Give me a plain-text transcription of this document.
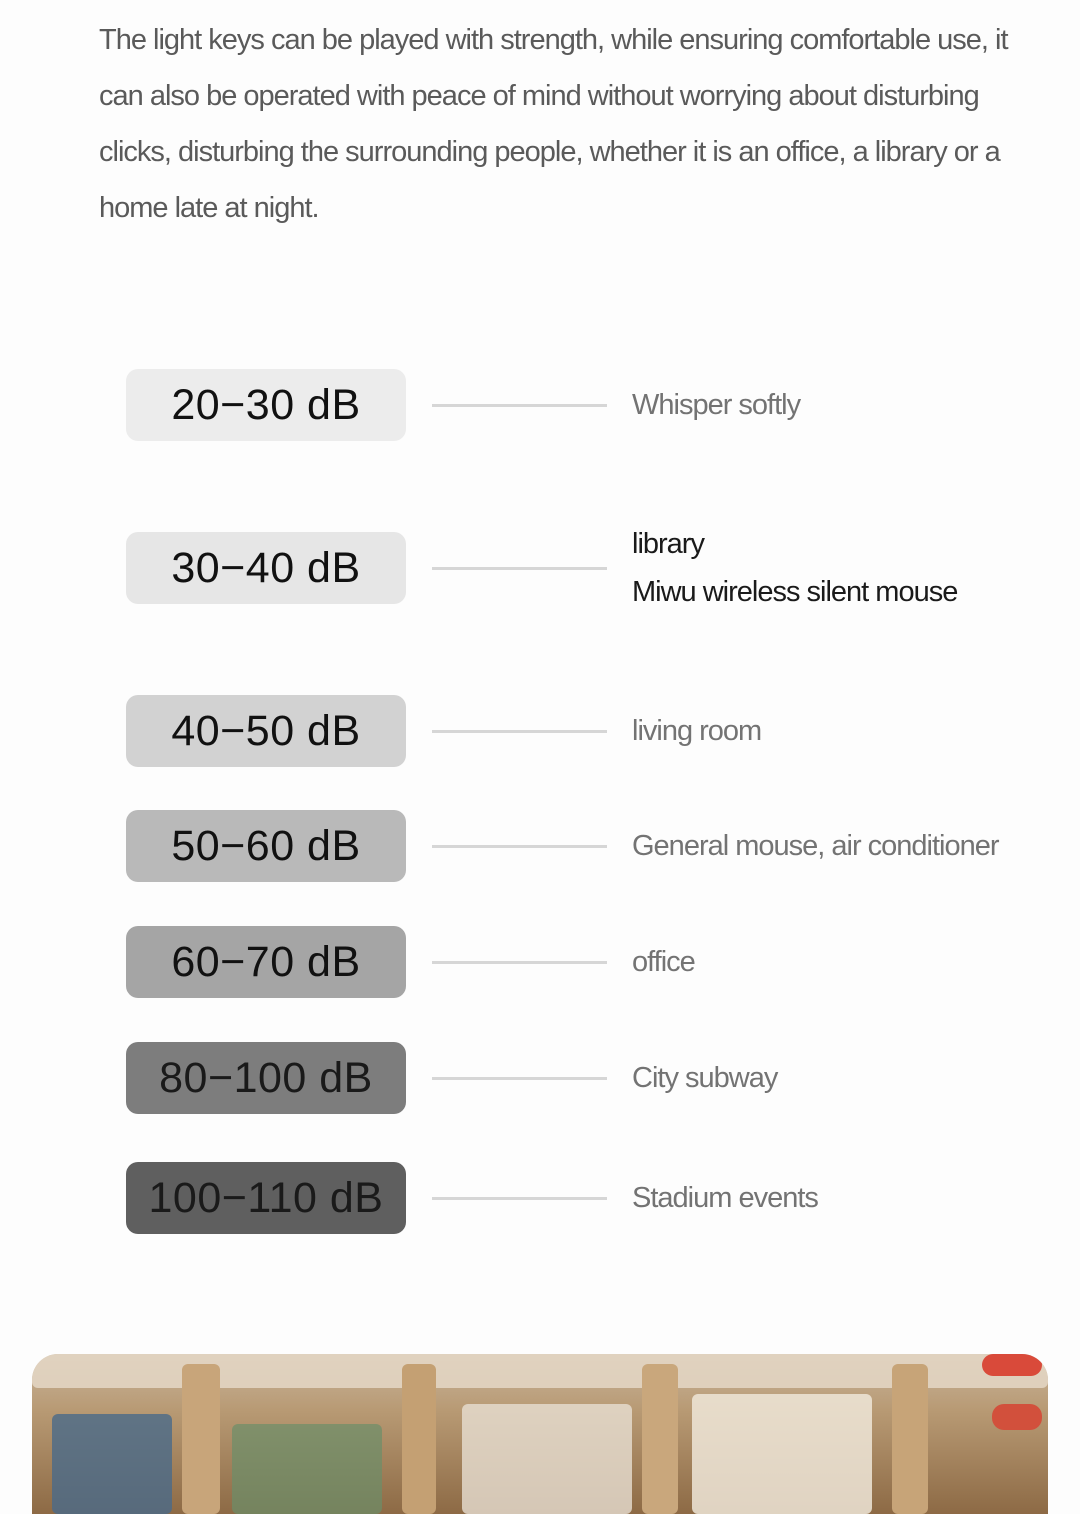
The light keys can be played with strength, while ensuring comfortable use, it can also be operated with peace of mind without worrying about disturbing clicks, disturbing the surrounding people, whether it is an office, a library or a home late at night.

20−30 dB	Whisper softly
30−40 dB	library
Miwu wireless silent mouse
40−50 dB	living room
50−60 dB	General mouse, air conditioner
60−70 dB	office
80−100 dB	City subway
100−110 dB	Stadium events
